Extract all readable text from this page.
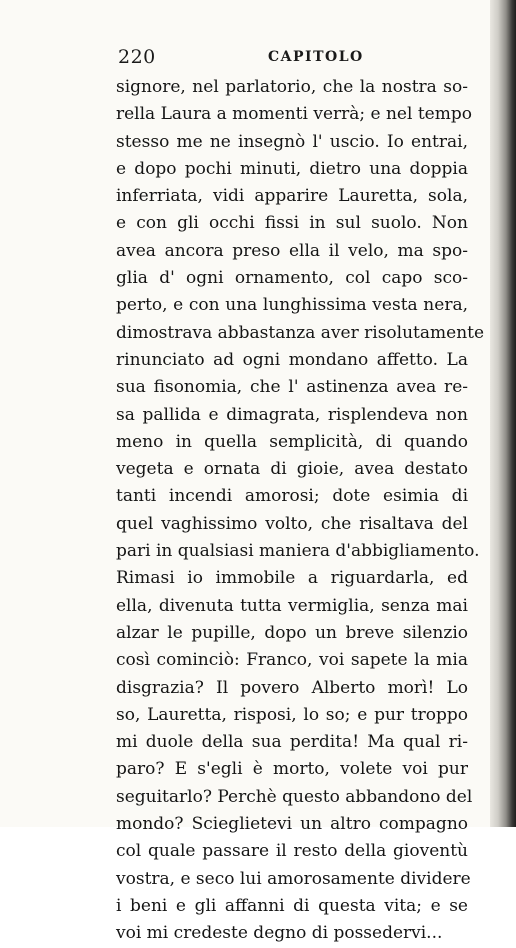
220	CAPITOLO
signore, nel parlatorio, che la nostra so-
rella Laura a momenti verrà; e nel tempo
stesso me ne insegnò l' uscio. Io entrai,
e dopo pochi minuti, dietro una doppia
inferriata, vidi apparire Lauretta, sola,
e con gli occhi fissi in sul suolo. Non
avea ancora preso ella il velo, ma spo-
glia d' ogni ornamento, col capo sco-
perto, e con una lunghissima vesta nera,
dimostrava abbastanza aver risolutamente
rinunciato ad ogni mondano affetto. La
sua fisonomia, che l' astinenza avea re-
sa pallida e dimagrata, risplendeva non
meno in quella semplicità, di quando
vegeta e ornata di gioie, avea destato
tanti incendi amorosi; dote esimia di
quel vaghissimo volto, che risaltava del
pari in qualsiasi maniera d'abbigliamento.
Rimasi io immobile a riguardarla, ed
ella, divenuta tutta vermiglia, senza mai
alzar le pupille, dopo un breve silenzio
così cominciò: Franco, voi sapete la mia
disgrazia? Il povero Alberto morì! Lo
so, Lauretta, risposi, lo so; e pur troppo
mi duole della sua perdita! Ma qual ri-
paro? E s'egli è morto, volete voi pur
seguitarlo? Perchè questo abbandono del
mondo? Scieglietevi un altro compagno
col quale passare il resto della gioventù
vostra, e seco lui amorosamente dividere
i beni e gli affanni di questa vita; e se
voi mi credeste degno di possedervi...
